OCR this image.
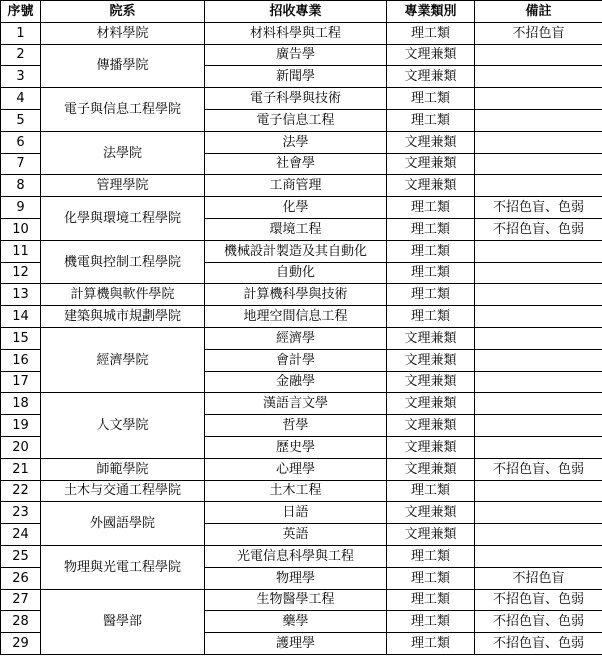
序號	院系	招收專業	專業類別	備註
1	材料學院	材料科學與工程	理工類	不招色盲
2	傳播學院	廣告學	文理兼類	
3		新聞學	文理兼類	
4	電子與信息工程學院	電子科學與技術	理工類	
5		電子信息工程	理工類	
6	法學院	法學	文理兼類	
7		社會學	文理兼類	
8	管理學院	工商管理	文理兼類	
9	化學與環境工程學院	化學	理工類	不招色盲、色弱
10		環境工程	理工類	不招色盲、色弱
11	機電與控制工程學院	機械設計製造及其自動化	理工類	
12		自動化	理工類	
13	計算機與軟件學院	計算機科學與技術	理工類	
14	建築與城市規劃學院	地理空間信息工程	理工類	
15	經濟學院	經濟學	文理兼類	
16		會計學	文理兼類	
17		金融學	文理兼類	
18	人文學院	漢語言文學	文理兼類	
19		哲學	文理兼類	
20		歷史學	文理兼類	
21	師範學院	心理學	文理兼類	不招色盲、色弱
22	土木与交通工程學院	土木工程	理工類	
23	外國語學院	日語	文理兼類	
24		英語	文理兼類	
25	物理與光電工程學院	光電信息科學與工程	理工類	
26		物理學	理工類	不招色盲
27	醫學部	生物醫學工程	理工類	不招色盲、色弱
28		藥學	理工類	不招色盲、色弱
29		護理學	理工類	不招色盲、色弱
